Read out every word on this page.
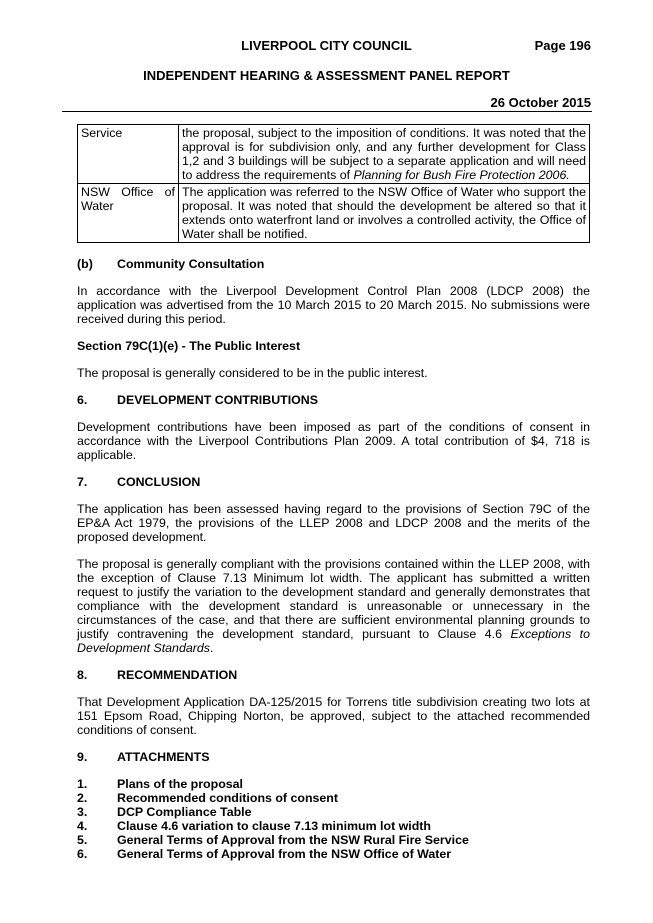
LIVERPOOL CITY COUNCIL	Page 196
INDEPENDENT HEARING & ASSESSMENT PANEL REPORT
26 October 2015
Service	the proposal, subject to the imposition of conditions. It was noted that the approval is for subdivision only, and any further development for Class 1,2 and 3 buildings will be subject to a separate application and will need to address the requirements of Planning for Bush Fire Protection 2006.

NSW Office of
Water	The application was referred to the NSW Office of Water who support the proposal. It was noted that should the development be altered so that it extends onto waterfront land or involves a controlled activity, the Office of Water shall be notified.
(b)	Community Consultation

In accordance with the Liverpool Development Control Plan 2008 (LDCP 2008) the application was advertised from the 10 March 2015 to 20 March 2015. No submissions were received during this period.

Section 79C(1)(e) - The Public Interest

The proposal is generally considered to be in the public interest.

6.	DEVELOPMENT CONTRIBUTIONS

Development contributions have been imposed as part of the conditions of consent in accordance with the Liverpool Contributions Plan 2009. A total contribution of $4, 718 is applicable.

7.	CONCLUSION

The application has been assessed having regard to the provisions of Section 79C of the EP&A Act 1979, the provisions of the LLEP 2008 and LDCP 2008 and the merits of the proposed development.

The proposal is generally compliant with the provisions contained within the LLEP 2008, with the exception of Clause 7.13 Minimum lot width. The applicant has submitted a written request to justify the variation to the development standard and generally demonstrates that compliance with the development standard is unreasonable or unnecessary in the circumstances of the case, and that there are sufficient environmental planning grounds to justify contravening the development standard, pursuant to Clause 4.6 Exceptions to Development Standards.

8.	RECOMMENDATION

That Development Application DA-125/2015 for Torrens title subdivision creating two lots at 151 Epsom Road, Chipping Norton, be approved, subject to the attached recommended conditions of consent.

9.	ATTACHMENTS
1.	Plans of the proposal
2.	Recommended conditions of consent
3.	DCP Compliance Table
4.	Clause 4.6 variation to clause 7.13 minimum lot width
5.	General Terms of Approval from the NSW Rural Fire Service
6.	General Terms of Approval from the NSW Office of Water
